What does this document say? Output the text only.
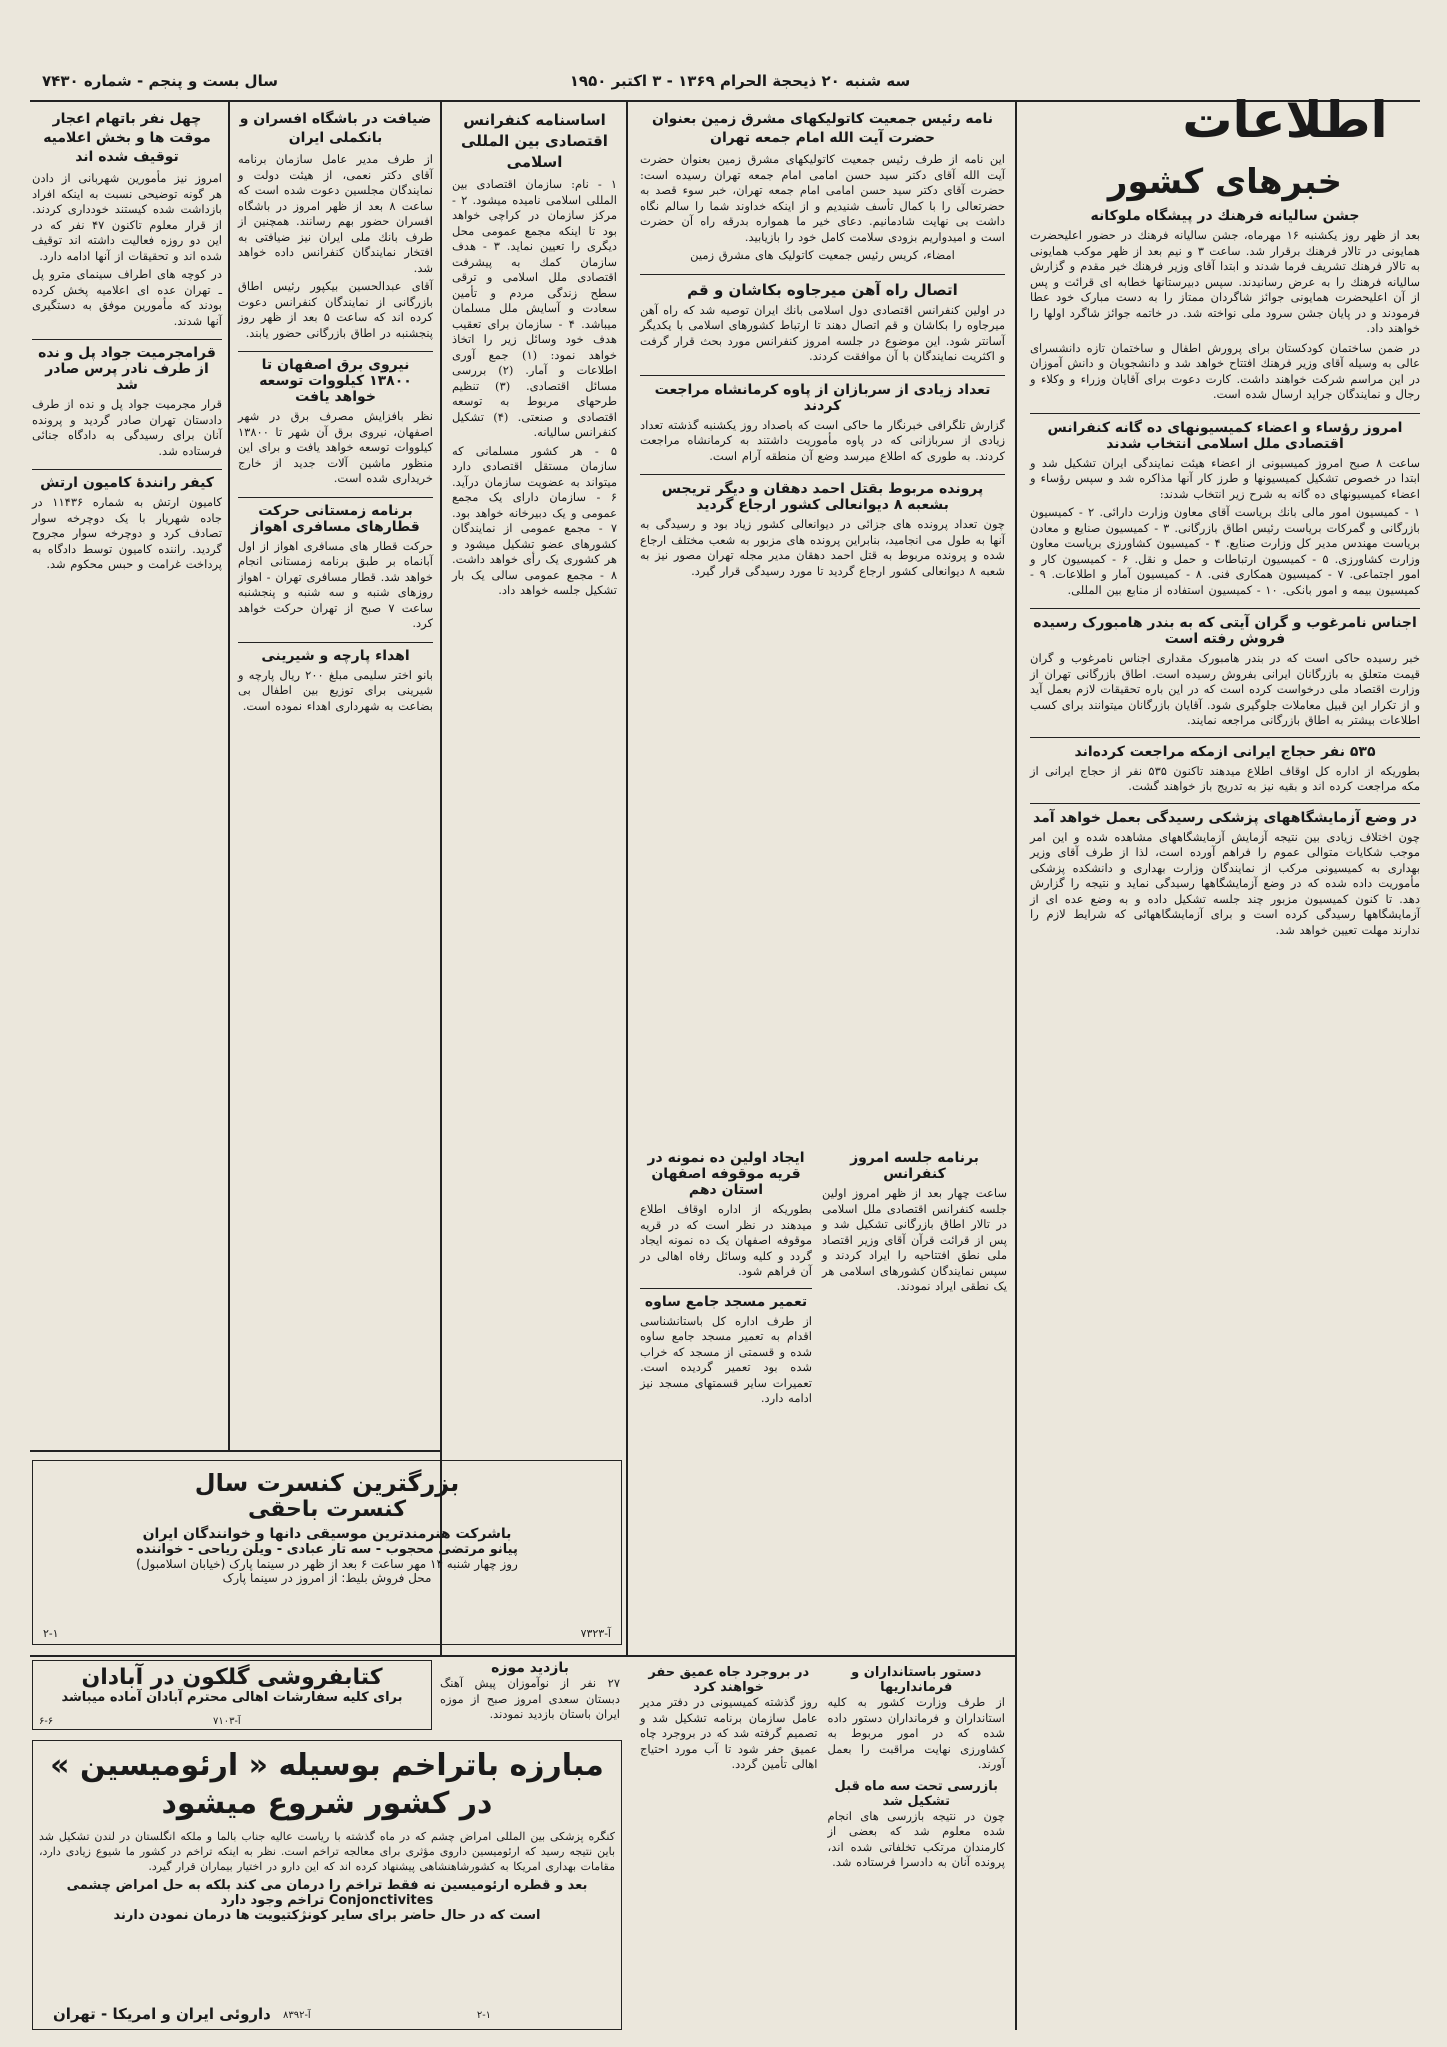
اطلاعات
سه شنبه ۲۰ ذیحجة الحرام ۱۳۶۹ - ۳ اکتبر ۱۹۵۰
سال بست و پنجم - شماره ۷۴۳۰
خبرهای کشور
جشن سالیانه فرهنك در پیشگاه ملوکانه
بعد از ظهر روز یکشنبه ۱۶ مهرماه، جشن سالیانه فرهنك در حضور اعلیحضرت همایونی در تالار فرهنك برقرار شد. ساعت ۳ و نیم بعد از ظهر موکب همایونی به تالار فرهنك تشریف فرما شدند و ابتدا آقای وزیر فرهنك خیر مقدم و گزارش سالیانه فرهنك را به عرض رسانیدند. سپس دبیرستانها خطابه ای قرائت و پس از آن اعلیحضرت همایونی جوائز شاگردان ممتاز را به دست مبارک خود عطا فرمودند و در پایان جشن سرود ملی نواخته شد. در خاتمه جوائز شاگرد اولها را خواهند داد.
در ضمن ساختمان کودکستان برای پرورش اطفال و ساختمان تازه دانشسرای عالی به وسیله آقای وزیر فرهنك افتتاح خواهد شد و دانشجویان و دانش آموزان در این مراسم شرکت خواهند داشت. کارت دعوت برای آقایان وزراء و وکلاء و رجال و نمایندگان جراید ارسال شده است.
امروز رؤساء و اعضاء کمیسیونهای ده گانه کنفرانس اقتصادی ملل اسلامی انتخاب شدند
ساعت ۸ صبح امروز کمیسیونی از اعضاء هیئت نمایندگی ایران تشکیل شد و ابتدا در خصوص تشکیل کمیسیونها و طرز کار آنها مذاکره شد و سپس رؤساء و اعضاء کمیسیونهای ده گانه به شرح زیر انتخاب شدند:
۱ - کمیسیون امور مالی بانك بریاست آقای معاون وزارت دارائی. ۲ - کمیسیون بازرگانی و گمرکات بریاست رئیس اطاق بازرگانی. ۳ - کمیسیون صنایع و معادن بریاست مهندس مدیر کل وزارت صنایع. ۴ - کمیسیون کشاورزی بریاست معاون وزارت کشاورزی. ۵ - کمیسیون ارتباطات و حمل و نقل. ۶ - کمیسیون کار و امور اجتماعی. ۷ - کمیسیون همکاری فنی. ۸ - کمیسیون آمار و اطلاعات. ۹ - کمیسیون بیمه و امور بانکی. ۱۰ - کمیسیون استفاده از منابع بین المللی.
اجناس نامرغوب و گران آیتی که به بندر هامبورک رسیده فروش رفته است
خبر رسیده حاکی است که در بندر هامبورک مقداری اجناس نامرغوب و گران قیمت متعلق به بازرگانان ایرانی بفروش رسیده است. اطاق بازرگانی تهران از وزارت اقتصاد ملی درخواست کرده است که در این باره تحقیقات لازم بعمل آید و از تکرار این قبیل معاملات جلوگیری شود. آقایان بازرگانان میتوانند برای کسب اطلاعات بیشتر به اطاق بازرگانی مراجعه نمایند.
۵۳۵ نفر حجاج ایرانی ازمکه مراجعت کرده‌اند
بطوریکه از اداره کل اوقاف اطلاع میدهند تاکنون ۵۳۵ نفر از حجاج ایرانی از مکه مراجعت کرده اند و بقیه نیز به تدریج باز خواهند گشت.
در وضع آزمایشگاههای پزشکی رسیدگی بعمل خواهد آمد
چون اختلاف زیادی بین نتیجه آزمایش آزمایشگاههای مشاهده شده و این امر موجب شکایات متوالی عموم را فراهم آورده است، لذا از طرف آقای وزیر بهداری به کمیسیونی مرکب از نمایندگان وزارت بهداری و دانشکده پزشکی مأموریت داده شده که در وضع آزمایشگاهها رسیدگی نماید و نتیجه را گزارش دهد. تا کنون کمیسیون مزبور چند جلسه تشکیل داده و به وضع عده ای از آزمایشگاهها رسیدگی کرده است و برای آزمایشگاههائی که شرایط لازم را ندارند مهلت تعیین خواهد شد.
نامه رئیس جمعیت کاتولیکهای مشرق زمین بعنوان حضرت آیت الله امام جمعه تهران
این نامه از طرف رئیس جمعیت کاتولیکهای مشرق زمین بعنوان حضرت آیت الله آقای دکتر سید حسن امامی امام جمعه تهران رسیده است: حضرت آقای دکتر سید حسن امامی امام جمعه تهران، خبر سوء قصد به حضرتعالی را با کمال تأسف شنیدیم و از اینکه خداوند شما را سالم نگاه داشت بی نهایت شادمانیم. دعای خیر ما همواره بدرقه راه آن حضرت است و امیدواریم بزودی سلامت کامل خود را بازیابید.
امضاء، کریس رئیس جمعیت کاتولیک های مشرق زمین
اتصال راه آهن میرجاوه بکاشان و قم
در اولین کنفرانس اقتصادی دول اسلامی بانك ایران توصیه شد که راه آهن میرجاوه را بکاشان و قم اتصال دهند تا ارتباط کشورهای اسلامی با یکدیگر آسانتر شود. این موضوع در جلسه امروز کنفرانس مورد بحث قرار گرفت و اکثریت نمایندگان با آن موافقت کردند.
تعداد زیادی از سربازان از پاوه کرمانشاه مراجعت کردند
گزارش تلگرافی خبرنگار ما حاکی است که باصداد روز یکشنبه گذشته تعداد زیادی از سربازانی که در پاوه مأموریت داشتند به کرمانشاه مراجعت کردند. به طوری که اطلاع میرسد وضع آن منطقه آرام است.
پرونده مربوط بقتل احمد دهقان و دیگر تریجس بشعبه ۸ دیوانعالی کشور ارجاع گردید
چون تعداد پرونده های جزائی در دیوانعالی کشور زیاد بود و رسیدگی به آنها به طول می انجامید، بنابراین پرونده های مزبور به شعب مختلف ارجاع شده و پرونده مربوط به قتل احمد دهقان مدیر مجله تهران مصور نیز به شعبه ۸ دیوانعالی کشور ارجاع گردید تا مورد رسیدگی قرار گیرد.
اساسنامه کنفرانس اقتصادی بین المللی اسلامی
۱ - نام: سازمان اقتصادی بین المللی اسلامی نامیده میشود. ۲ - مرکز سازمان در کراچی خواهد بود تا اینکه مجمع عمومی محل دیگری را تعیین نماید. ۳ - هدف سازمان کمك به پیشرفت اقتصادی ملل اسلامی و ترقی سطح زندگی مردم و تأمین سعادت و آسایش ملل مسلمان میباشد. ۴ - سازمان برای تعقیب هدف خود وسائل زیر را اتخاذ خواهد نمود: (۱) جمع آوری اطلاعات و آمار. (۲) بررسی مسائل اقتصادی. (۳) تنظیم طرحهای مربوط به توسعه اقتصادی و صنعتی. (۴) تشکیل کنفرانس سالیانه.
۵ - هر کشور مسلمانی که سازمان مستقل اقتصادی دارد میتواند به عضویت سازمان درآید. ۶ - سازمان دارای یک مجمع عمومی و یک دبیرخانه خواهد بود. ۷ - مجمع عمومی از نمایندگان کشورهای عضو تشکیل میشود و هر کشوری یک رأی خواهد داشت. ۸ - مجمع عمومی سالی یک بار تشکیل جلسه خواهد داد.
برنامه جلسه امروز کنفرانس
ساعت چهار بعد از ظهر امروز اولین جلسه کنفرانس اقتصادی ملل اسلامی در تالار اطاق بازرگانی تشکیل شد و پس از قرائت قرآن آقای وزیر اقتصاد ملی نطق افتتاحیه را ایراد کردند و سپس نمایندگان کشورهای اسلامی هر یک نطقی ایراد نمودند.
ایجاد اولین ده نمونه در قریه موقوفه اصفهان استان دهم
بطوریکه از اداره اوقاف اطلاع میدهند در نظر است که در قریه موقوفه اصفهان یک ده نمونه ایجاد گردد و کلیه وسائل رفاه اهالی در آن فراهم شود.
تعمیر مسجد جامع ساوه
از طرف اداره کل باستانشناسی اقدام به تعمیر مسجد جامع ساوه شده و قسمتی از مسجد که خراب شده بود تعمیر گردیده است. تعمیرات سایر قسمتهای مسجد نیز ادامه دارد.
ضیافت در باشگاه افسران و بانکملی ایران
از طرف مدیر عامل سازمان برنامه آقای دکتر نعمی، از هیئت دولت و نمایندگان مجلسین دعوت شده است که ساعت ۸ بعد از ظهر امروز در باشگاه افسران حضور بهم رسانند. همچنین از طرف بانك ملی ایران نیز ضیافتی به افتخار نمایندگان کنفرانس داده خواهد شد.
آقای عبدالحسین بیکپور رئیس اطاق بازرگانی از نمایندگان کنفرانس دعوت کرده اند که ساعت ۵ بعد از ظهر روز پنجشنبه در اطاق بازرگانی حضور یابند.
نیروی برق اصفهان تا ۱۳۸۰۰ کیلووات توسعه خواهد یافت
نظر بافزایش مصرف برق در شهر اصفهان، نیروی برق آن شهر تا ۱۳۸۰۰ کیلووات توسعه خواهد یافت و برای این منظور ماشین آلات جدید از خارج خریداری شده است.
برنامه زمستانی حرکت قطارهای مسافری اهواز
حرکت قطار های مسافری اهواز از اول آبانماه بر طبق برنامه زمستانی انجام خواهد شد. قطار مسافری تهران - اهواز روزهای شنبه و سه شنبه و پنجشنبه ساعت ۷ صبح از تهران حرکت خواهد کرد.
اهداء پارچه و شیرینی
بانو اختر سلیمی مبلغ ۲۰۰ ریال پارچه و شیرینی برای توزیع بین اطفال بی بضاعت به شهرداری اهداء نموده است.
چهل نفر باتهام اعجار موقت ها و بخش اعلامیه توقیف شده اند
امروز نیز مأمورین شهربانی از دادن هر گونه توضیحی نسبت به اینکه افراد بازداشت شده کیستند خودداری کردند. از قرار معلوم تاکنون ۴۷ نفر که در این دو روزه فعالیت داشته اند توقیف شده اند و تحقیقات از آنها ادامه دارد.
در کوچه های اطراف سینمای مترو پل ـ تهران عده ای اعلامیه پخش کرده بودند که مأمورین موفق به دستگیری آنها شدند.
قرامجرمیت جواد پل و نده از طرف نادر پرس صادر شد
قرار مجرمیت جواد پل و نده از طرف دادستان تهران صادر گردید و پرونده آنان برای رسیدگی به دادگاه جنائی فرستاده شد.
کیفر رانندهٔ کامیون ارتش
کامیون ارتش به شماره ۱۱۴۳۶ در جاده شهریار با یک دوچرخه سوار تصادف کرد و دوچرخه سوار مجروح گردید. راننده کامیون توسط دادگاه به پرداخت غرامت و حبس محکوم شد.
بزرگترین کنسرت سال
کنسرت باحقی
باشرکت هنرمندترین موسیقی دانها و خوانندگان ایران
پیانو مرتضی محجوب - سه تار عبادی - ویلن ریاحی - خواننده
روز چهار شنبه ۱۴ مهر ساعت ۶ بعد از ظهر در سینما پارک (خیابان اسلامبول)
محل فروش بلیط: از امروز در سینما پارک
۲-۱	آ-۷۳۲۳
بازدید موزه
۲۷ نفر از نوآموزان پیش آهنگ دبستان سعدی امروز صبح از موزه ایران باستان بازدید نمودند.
کتابفروشی گلکون در آبادان
برای کلیه سفارشات اهالی محترم آبادان آماده میباشد
۶-۶	آ-۷۱۰۳
مبارزه باتراخم بوسیله « ارئومیسین »
در کشور شروع میشود
کنگره پزشکی بین المللی امراض چشم که در ماه گذشته با ریاست عالیه جناب بالما و ملکه انگلستان در لندن تشکیل شد باین نتیجه رسید که ارئومیسین داروی مؤثری برای معالجه تراخم است. نظر به اینکه تراخم در کشور ما شیوع زیادی دارد، مقامات بهداری امریکا به کشورشاهنشاهی پیشنهاد کرده اند که این دارو در اختیار بیماران قرار گیرد.
بعد و قطره ارئومیسین نه فقط تراخم را درمان می کند بلکه به حل امراض چشمی Conjonctivites تراخم وجود دارد
است که در حال حاضر برای سایر کونژکتیویت ها درمان نمودن دارند
داروئی ایران و امریکا - تهران آ-۸۳۹۲	۲-۱
دستور باستانداران و فرمانداریها
از طرف وزارت کشور به کلیه استانداران و فرمانداران دستور داده شده که در امور مربوط به کشاورزی نهایت مراقبت را بعمل آورند.
بازرسی تحت سه ماه قبل تشکیل شد
چون در نتیجه بازرسی های انجام شده معلوم شد که بعضی از کارمندان مرتکب تخلفاتی شده اند، پرونده آنان به دادسرا فرستاده شد.
در بروجرد جاه عمیق حفر خواهند کرد
روز گذشته کمیسیونی در دفتر مدیر عامل سازمان برنامه تشکیل شد و تصمیم گرفته شد که در بروجرد چاه عمیق حفر شود تا آب مورد احتیاج اهالی تأمین گردد.
